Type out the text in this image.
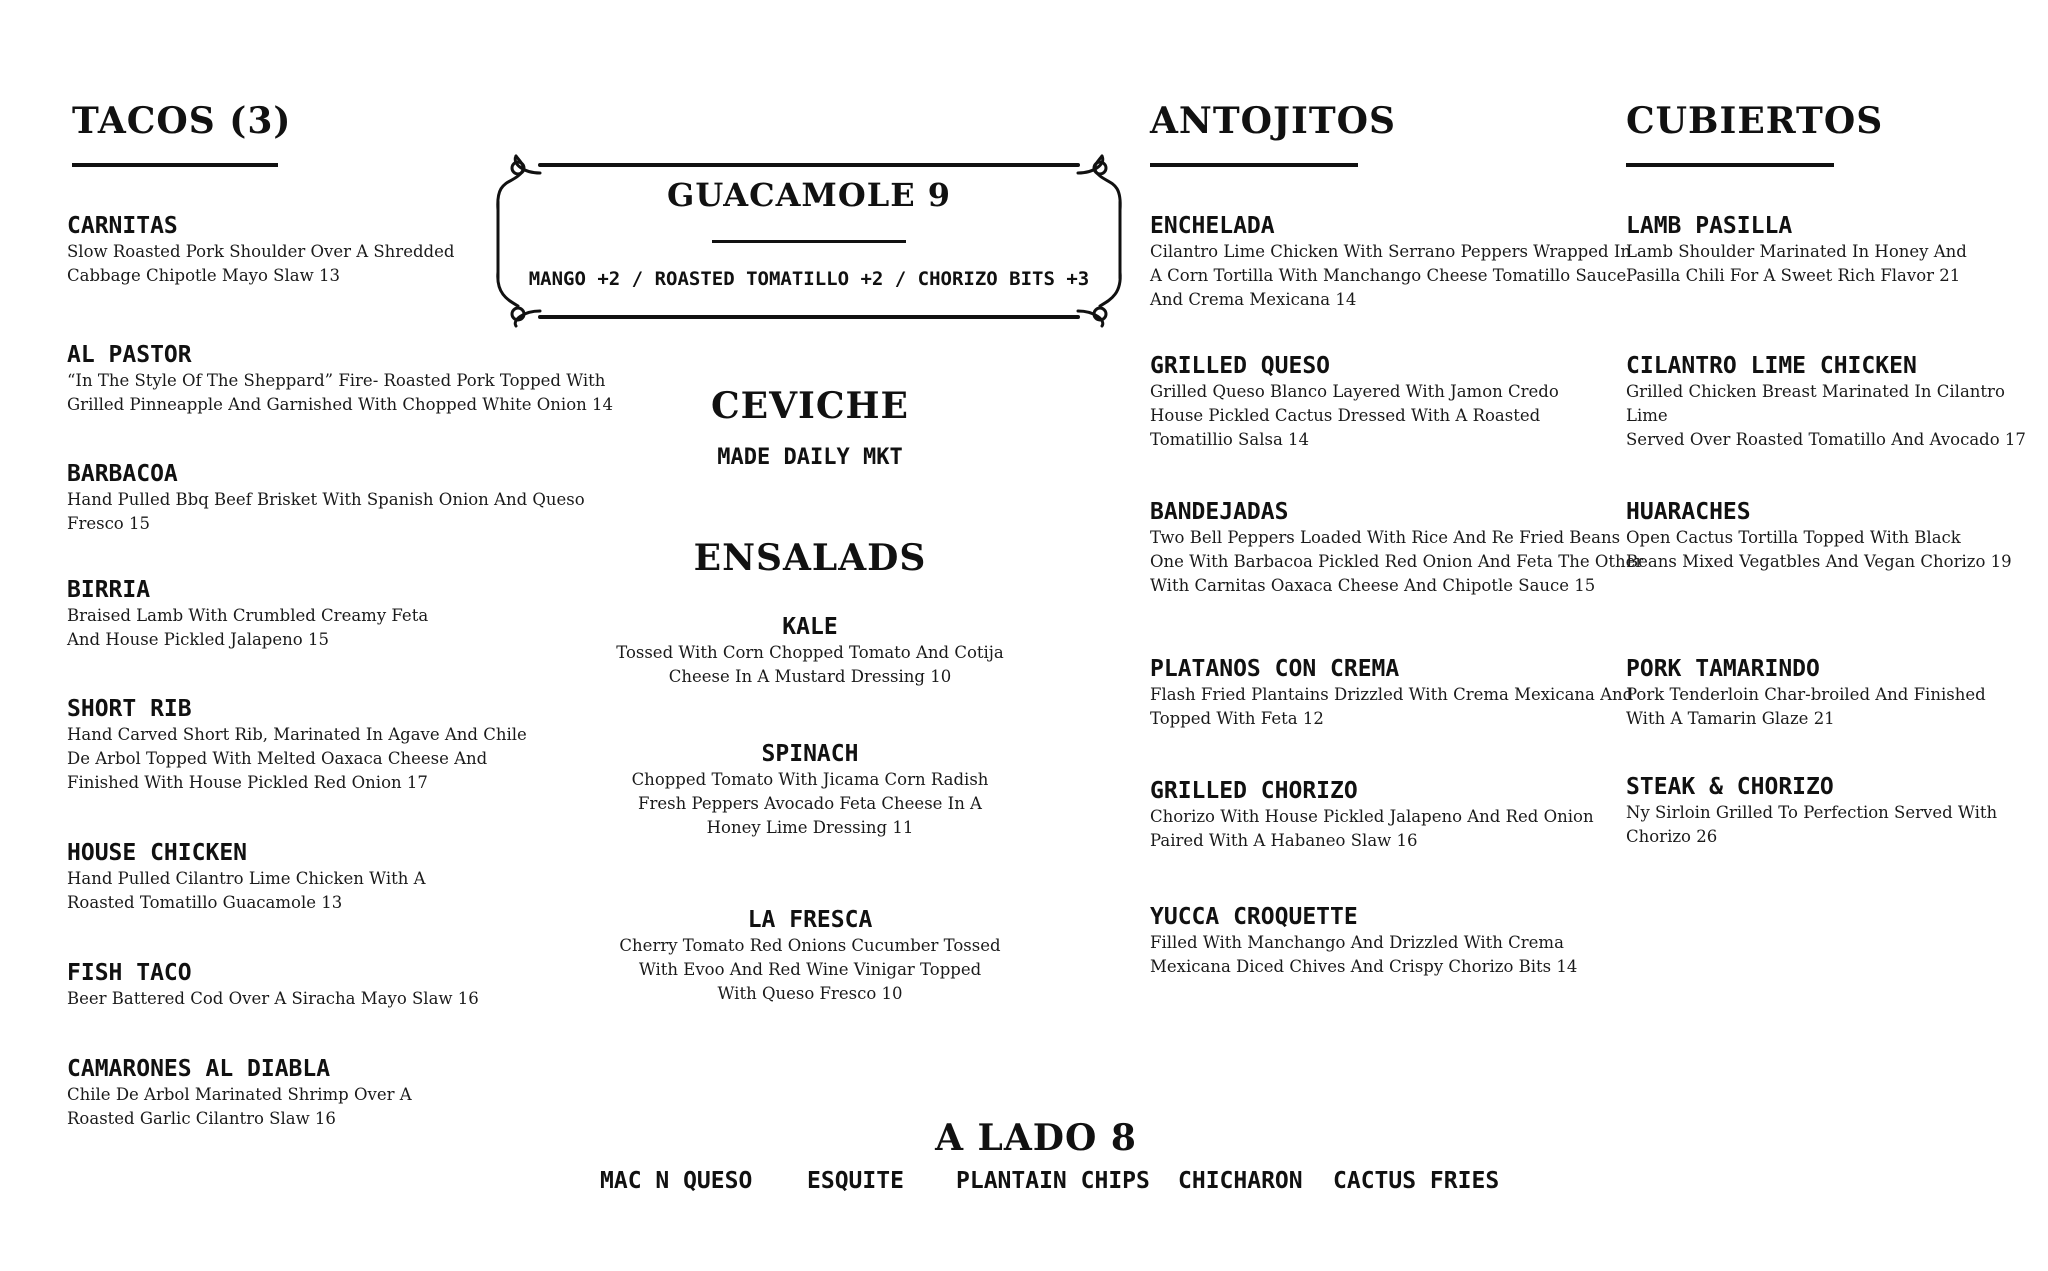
TACOS (3)
CARNITAS
Slow Roasted Pork Shoulder Over A Shredded
Cabbage Chipotle Mayo Slaw 13
AL PASTOR
“In The Style Of The Sheppard” Fire- Roasted Pork Topped With
Grilled Pinneapple And Garnished With Chopped White Onion 14
BARBACOA
Hand Pulled Bbq Beef Brisket With Spanish Onion And Queso
Fresco 15
BIRRIA
Braised Lamb With Crumbled Creamy Feta
And House Pickled Jalapeno 15
SHORT RIB
Hand Carved Short Rib, Marinated In Agave And Chile
De Arbol Topped With Melted Oaxaca Cheese And
Finished With House Pickled Red Onion 17
HOUSE CHICKEN
Hand Pulled Cilantro Lime Chicken With A
Roasted Tomatillo Guacamole 13
FISH TACO
Beer Battered Cod Over A Siracha Mayo Slaw 16
CAMARONES AL DIABLA
Chile De Arbol Marinated Shrimp Over A
Roasted Garlic Cilantro Slaw 16
GUACAMOLE 9
MANGO +2 / ROASTED TOMATILLO +2 / CHORIZO BITS +3
CEVICHE
MADE DAILY MKT
ENSALADS
KALE
Tossed With Corn Chopped Tomato And Cotija
Cheese In A Mustard Dressing 10
SPINACH
Chopped Tomato With Jicama Corn Radish
Fresh Peppers Avocado Feta Cheese In A
Honey Lime Dressing 11
LA FRESCA
Cherry Tomato Red Onions Cucumber Tossed
With Evoo And Red Wine Vinigar Topped
With Queso Fresco 10
ANTOJITOS
ENCHELADA
Cilantro Lime Chicken With Serrano Peppers Wrapped In
A Corn Tortilla With Manchango Cheese Tomatillo Sauce
And Crema Mexicana 14
GRILLED QUESO
Grilled Queso Blanco Layered With Jamon Credo
House Pickled Cactus Dressed With A Roasted
Tomatillio Salsa 14
BANDEJADAS
Two Bell Peppers Loaded With Rice And Re Fried Beans
One With Barbacoa Pickled Red Onion And Feta The Other
With Carnitas Oaxaca Cheese And Chipotle Sauce 15
PLATANOS CON CREMA
Flash Fried Plantains Drizzled With Crema Mexicana And
Topped With Feta 12
GRILLED CHORIZO
Chorizo With House Pickled Jalapeno And Red Onion
Paired With A Habaneo Slaw 16
YUCCA CROQUETTE
Filled With Manchango And Drizzled With Crema
Mexicana Diced Chives And Crispy Chorizo Bits 14
CUBIERTOS
LAMB PASILLA
Lamb Shoulder Marinated In Honey And
Pasilla Chili For A Sweet Rich Flavor 21
CILANTRO LIME CHICKEN
Grilled Chicken Breast Marinated In Cilantro Lime
Served Over Roasted Tomatillo And Avocado 17
HUARACHES
Open Cactus Tortilla Topped With Black
Beans Mixed Vegatbles And Vegan Chorizo 19
PORK TAMARINDO
Pork Tenderloin Char-broiled And Finished
With A Tamarin Glaze 21
STEAK & CHORIZO
Ny Sirloin Grilled To Perfection Served With
Chorizo 26
A LADO 8
MAC N QUESO ESQUITE PLANTAIN CHIPS CHICHARON CACTUS FRIES
